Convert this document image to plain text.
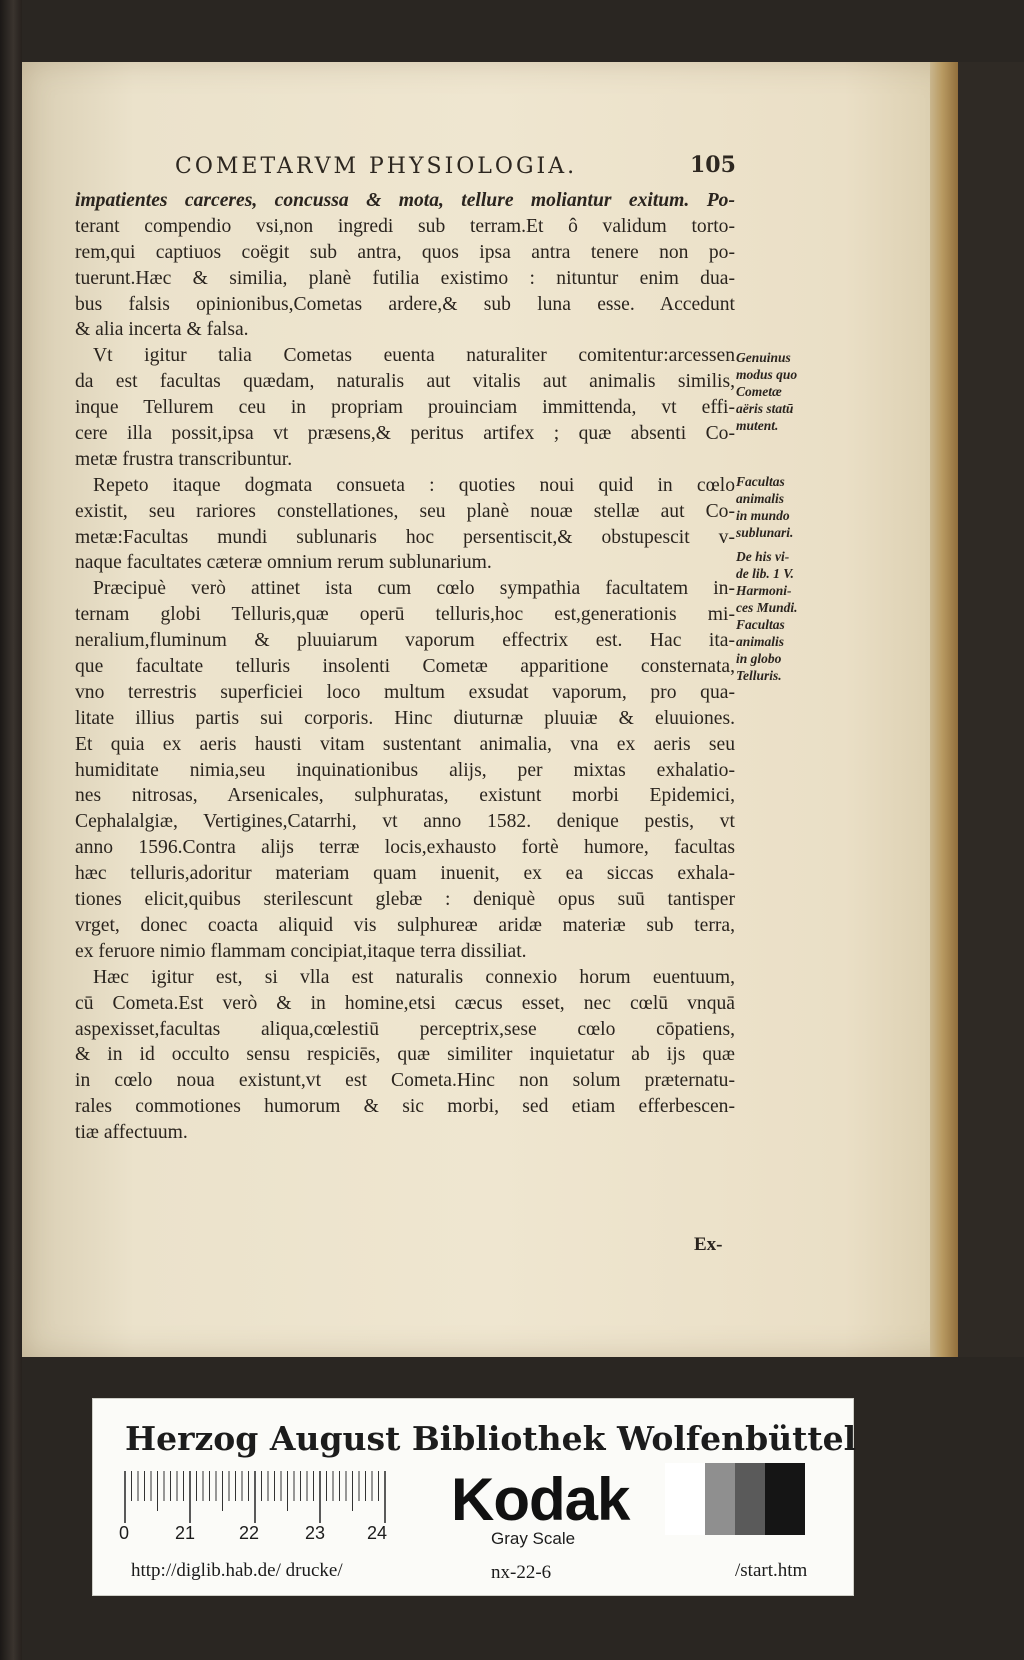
COMETARVM PHYSIOLOGIA.	105
impatientes carceres, concussa & mota, tellure moliantur exitum. Po-
terant compendio vsi,non ingredi sub terram.Et ô validum torto-
rem,qui captiuos coëgit sub antra, quos ipsa antra tenere non po-
tuerunt.Hæc & similia, planè futilia existimo : nituntur enim dua-
bus falsis opinionibus,Cometas ardere,& sub luna esse. Accedunt
& alia incerta & falsa.
Vt igitur talia Cometas euenta naturaliter comitentur:arcessen
da est facultas quædam, naturalis aut vitalis aut animalis similis,
inque Tellurem ceu in propriam prouinciam immittenda, vt effi-
cere illa possit,ipsa vt præsens,& peritus artifex ; quæ absenti Co-
metæ frustra transcribuntur.
Repeto itaque dogmata consueta : quoties noui quid in cœlo
existit, seu rariores constellationes, seu planè nouæ stellæ aut Co-
metæ:Facultas mundi sublunaris hoc persentiscit,& obstupescit v-
naque facultates cæteræ omnium rerum sublunarium.
Præcipuè verò attinet ista cum cœlo sympathia facultatem in-
ternam globi Telluris,quæ operū telluris,hoc est,generationis mi-
neralium,fluminum & pluuiarum vaporum effectrix est. Hac ita-
que facultate telluris insolenti Cometæ apparitione consternata,
vno terrestris superficiei loco multum exsudat vaporum, pro qua-
litate illius partis sui corporis. Hinc diuturnæ pluuiæ & eluuiones.
Et quia ex aeris hausti vitam sustentant animalia, vna ex aeris seu
humiditate nimia,seu inquinationibus alijs, per mixtas exhalatio-
nes nitrosas, Arsenicales, sulphuratas, existunt morbi Epidemici,
Cephalalgiæ, Vertigines,Catarrhi, vt anno 1582. denique pestis, vt
anno 1596.Contra alijs terræ locis,exhausto fortè humore, facultas
hæc telluris,adoritur materiam quam inuenit, ex ea siccas exhala-
tiones elicit,quibus sterilescunt glebæ : deniquè opus suū tantisper
vrget, donec coacta aliquid vis sulphureæ aridæ materiæ sub terra,
ex feruore nimio flammam concipiat,itaque terra dissiliat.
Hæc igitur est, si vlla est naturalis connexio horum euentuum,
cū Cometa.Est verò & in homine,etsi cæcus esset, nec cœlū vnquā
aspexisset,facultas aliqua,cœlestiū perceptrix,sese cœlo cōpatiens,
& in id occulto sensu respiciēs, quæ similiter inquietatur ab ijs quæ
in cœlo noua existunt,vt est Cometa.Hinc non solum præternatu-
rales commotiones humorum & sic morbi, sed etiam efferbescen-
tiæ affectuum.
Genuinus
modus quo
Cometæ
aëris statū
mutent.
Facultas
animalis
in mundo
sublunari.
De his vi-
de lib. 1 V.
Harmoni-
ces Mundi.
Facultas
animalis
in globo
Telluris.
Ex-
Herzog August Bibliothek Wolfenbüttel
0	21 22	23 24 Kodak
Gray Scale
http://diglib.hab.de/ drucke/	nx-22-6	/start.htm
